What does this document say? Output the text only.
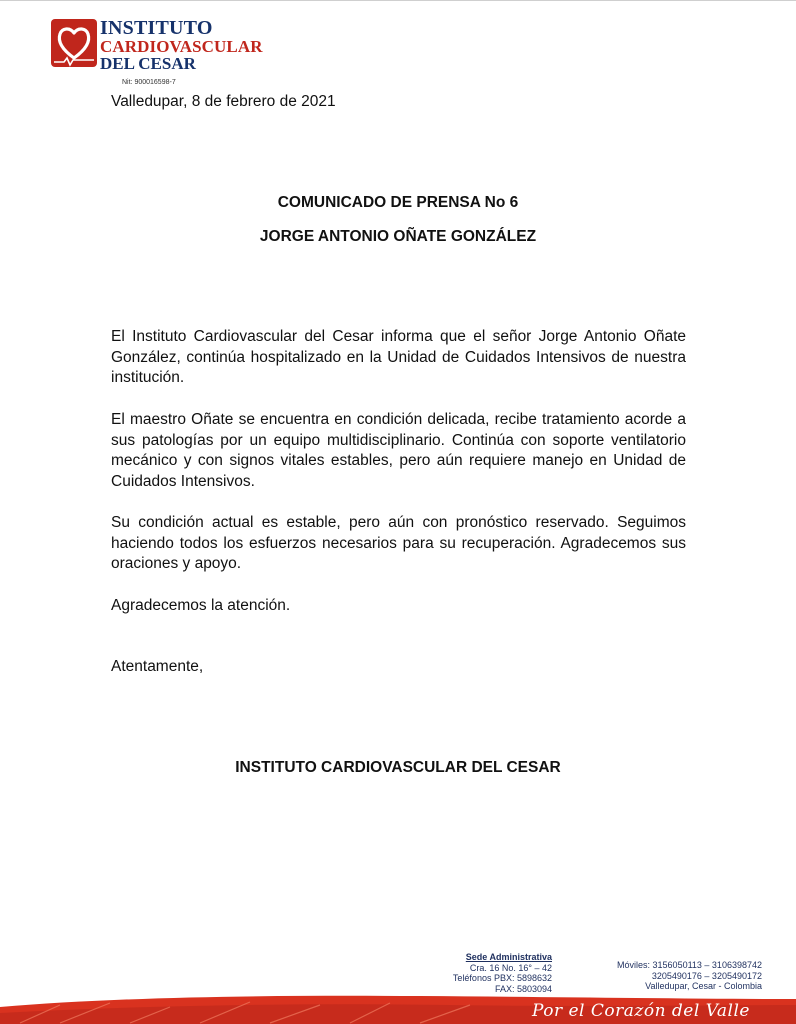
INSTITUTO
CARDIOVASCULAR
DEL CESAR
Nit: 900016598-7
Valledupar, 8 de febrero de 2021
COMUNICADO DE PRENSA No 6
JORGE ANTONIO OÑATE GONZÁLEZ

El Instituto Cardiovascular del Cesar informa que el señor Jorge Antonio Oñate González, continúa hospitalizado en la Unidad de Cuidados Intensivos de nuestra institución.

El maestro Oñate se encuentra en condición delicada, recibe tratamiento acorde a sus patologías por un equipo multidisciplinario. Continúa con soporte ventilatorio mecánico y con signos vitales estables, pero aún requiere manejo en Unidad de Cuidados Intensivos.

Su condición actual es estable, pero aún con pronóstico reservado. Seguimos haciendo todos los esfuerzos necesarios para su recuperación. Agradecemos sus oraciones y apoyo.

Agradecemos la atención.

Atentamente,

INSTITUTO CARDIOVASCULAR DEL CESAR
Sede Administrativa
Cra. 16 No. 16° – 42
Teléfonos PBX: 5898632
FAX: 5803094
Móviles: 3156050113 – 3106398742
3205490176 – 3205490172
Valledupar, Cesar - Colombia
Por el Corazón del Valle
